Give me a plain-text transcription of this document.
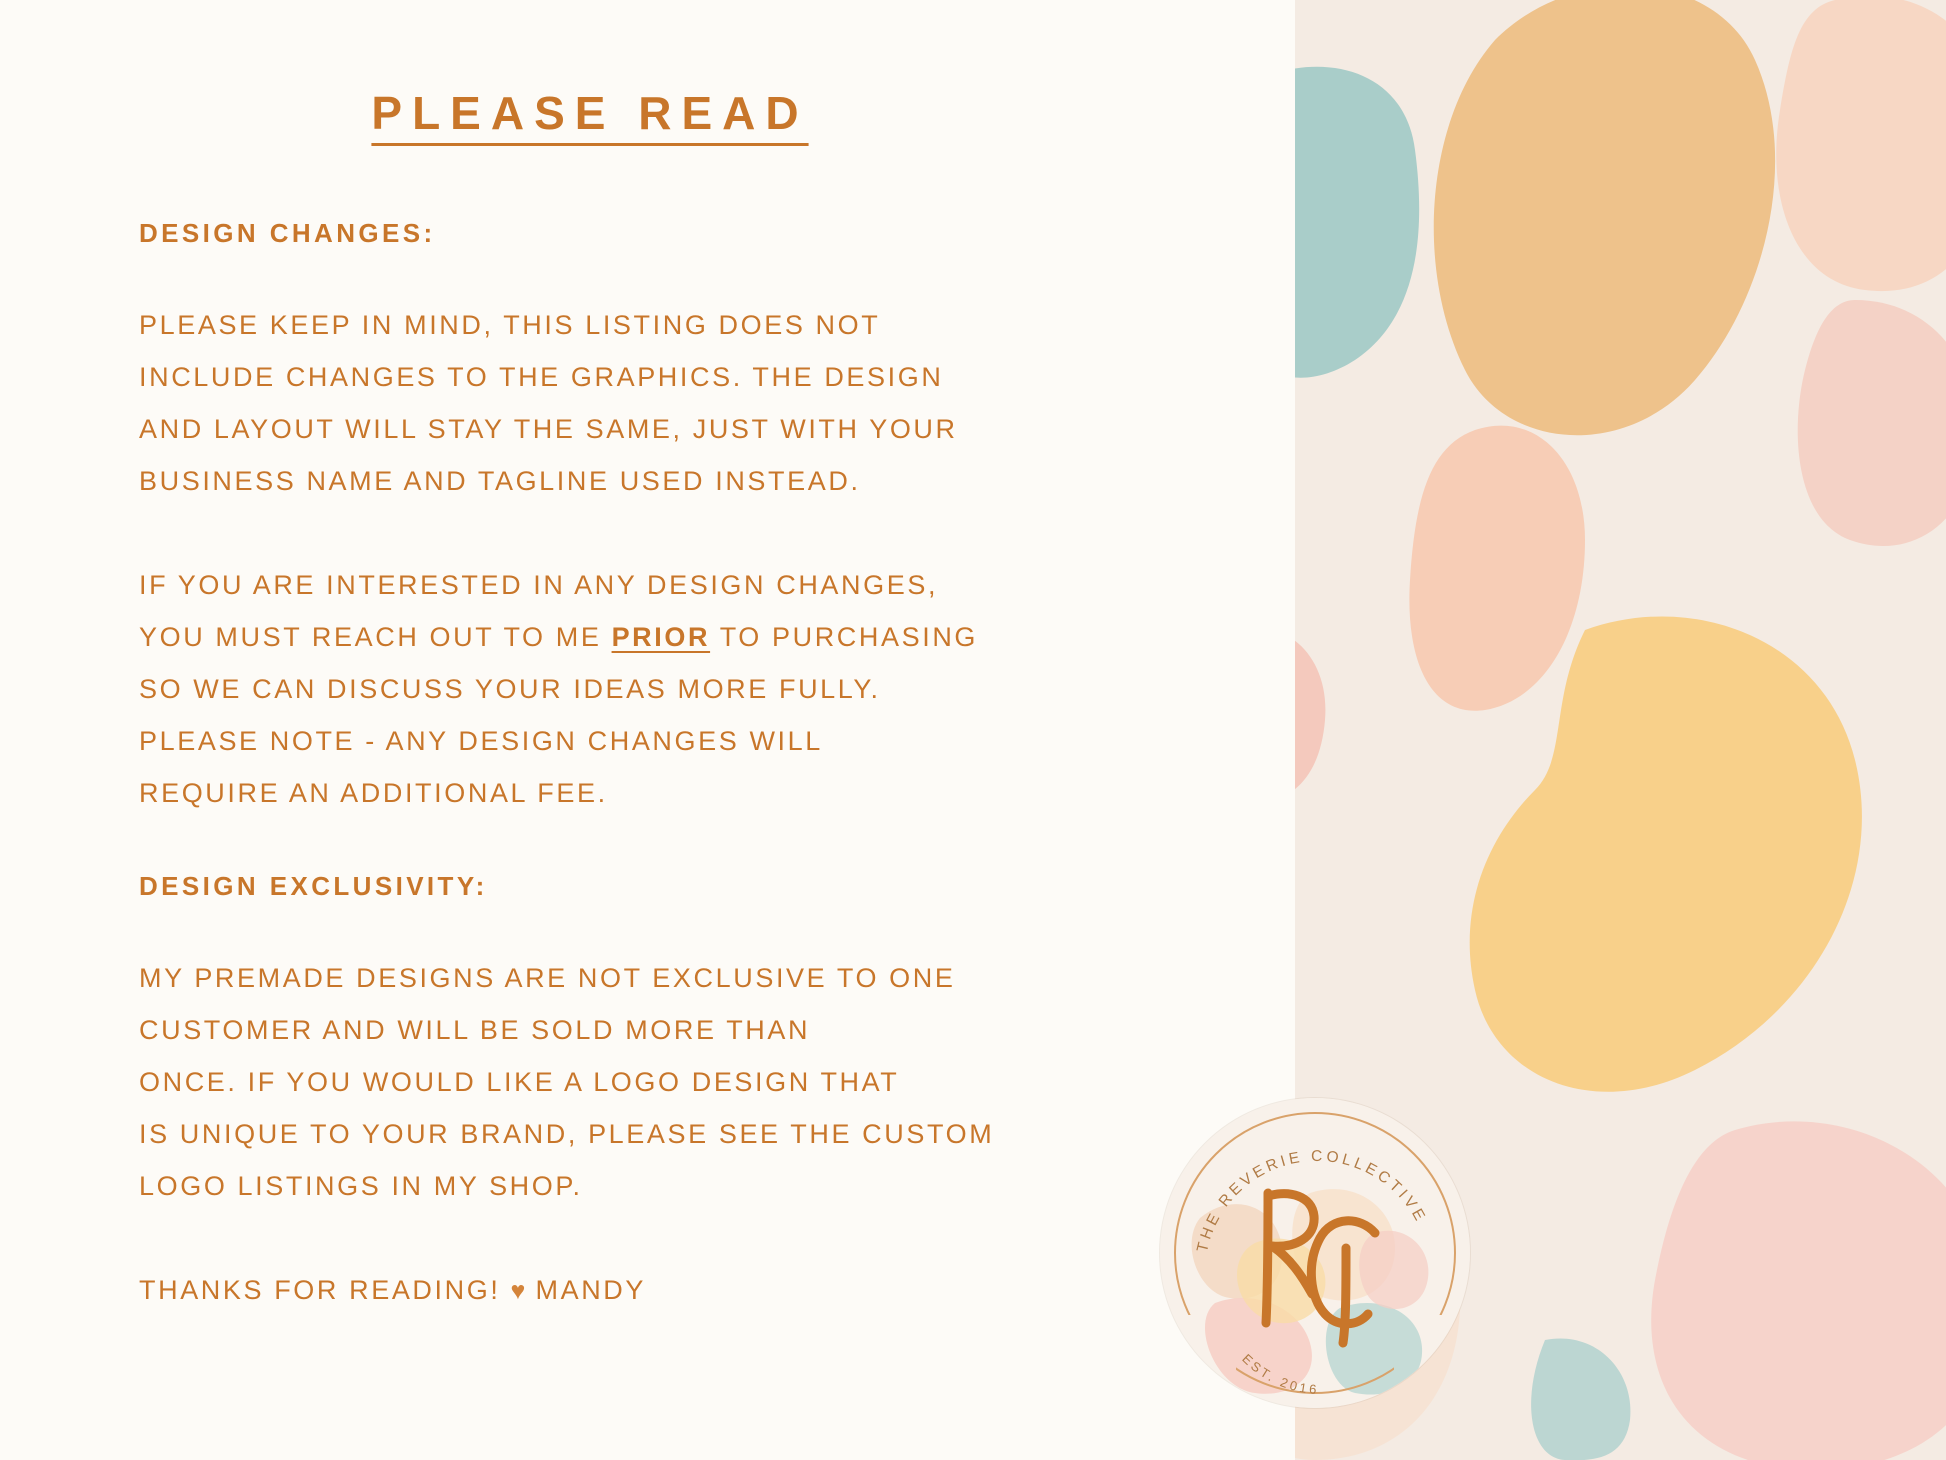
PLEASE READ
DESIGN CHANGES:
PLEASE KEEP IN MIND, THIS LISTING DOES NOT
INCLUDE CHANGES TO THE GRAPHICS. THE DESIGN
AND LAYOUT WILL STAY THE SAME, JUST WITH YOUR
BUSINESS NAME AND TAGLINE USED INSTEAD.
IF YOU ARE INTERESTED IN ANY DESIGN CHANGES,
YOU MUST REACH OUT TO ME PRIOR TO PURCHASING
SO WE CAN DISCUSS YOUR IDEAS MORE FULLY.
PLEASE NOTE - ANY DESIGN CHANGES WILL
REQUIRE AN ADDITIONAL FEE.
DESIGN EXCLUSIVITY:
MY PREMADE DESIGNS ARE NOT EXCLUSIVE TO ONE
CUSTOMER AND WILL BE SOLD MORE THAN
ONCE. IF YOU WOULD LIKE A LOGO DESIGN THAT
IS UNIQUE TO YOUR BRAND, PLEASE SEE THE CUSTOM
LOGO LISTINGS IN MY SHOP.
THANKS FOR READING! ♥ MANDY
THE REVERIE COLLECTIVE
EST. 2016
